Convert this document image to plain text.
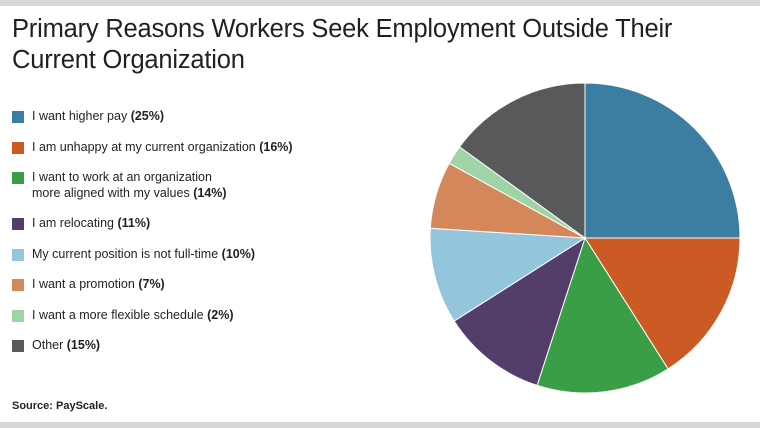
Primary Reasons Workers Seek Employment Outside Their Current Organization
I want higher pay (25%)
I am unhappy at my current organization (16%)
I want to work at an organization
more aligned with my values (14%)
I am relocating (11%)
My current position is not full-time (10%)
I want a promotion (7%)
I want a more flexible schedule (2%)
Other (15%)
Source: PayScale.
